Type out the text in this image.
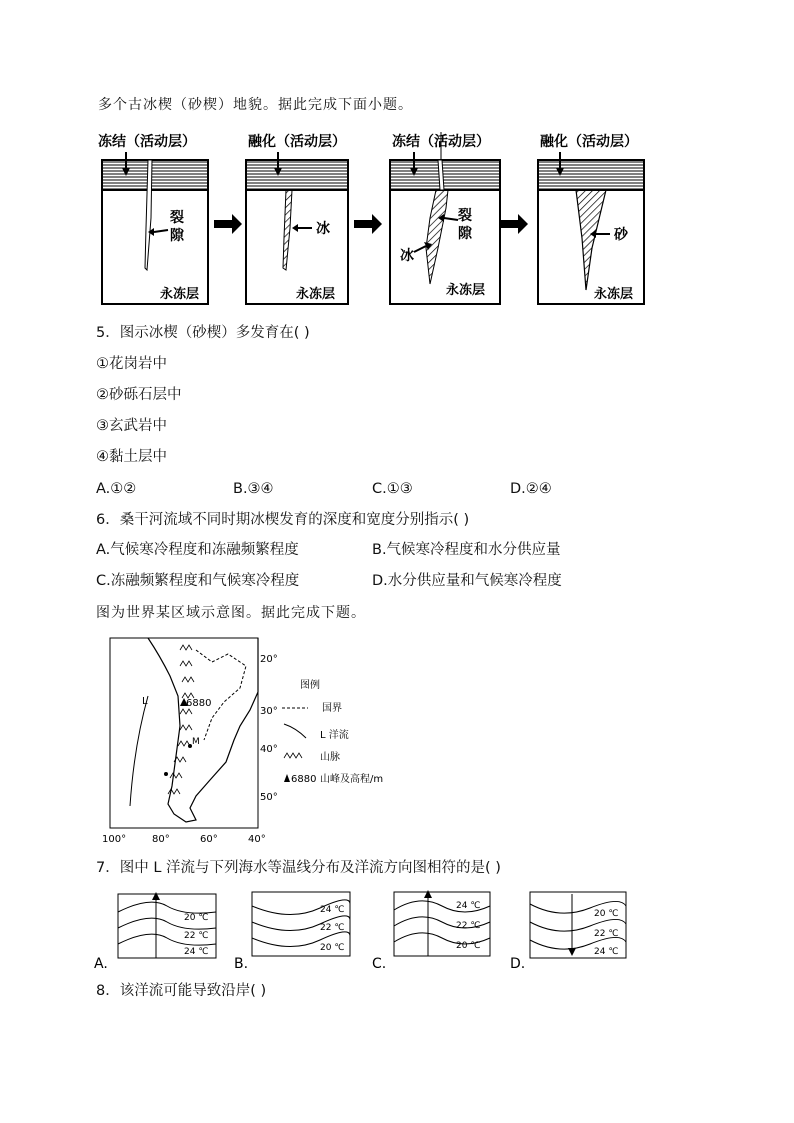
多个古冰楔（砂楔）地貌。据此完成下面小题。
冻结（活动层）
裂
隙
永冻层
融化（活动层）
冰
永冻层
冻结（活动层）
裂
隙
冰
永冻层
融化（活动层）
砂
永冻层
5．图示冰楔（砂楔）多发育在( )
①花岗岩中
②砂砾石层中
③玄武岩中
④黏土层中
A.①②	B.③④	C.①③	D.②④
6．桑干河流域不同时期冰楔发育的深度和宽度分别指示( )
A.气候寒冷程度和冻融频繁程度	B.气候寒冷程度和水分供应量
C.冻融频繁程度和气候寒冷程度	D.水分供应量和气候寒冷程度
图为世界某区域示意图。据此完成下题。
L	6880
M
20°
30°
40°
50°
100°	80°	60°	40°
图例
国界
L 洋流
山脉
6880 山峰及高程/m
7．图中 L 洋流与下列海水等温线分布及洋流方向图相符的是( )
A.
20 ℃
22 ℃
24 ℃
B.
24 ℃
22 ℃
20 ℃
C.
24 ℃
22 ℃
20 ℃
D.
20 ℃
22 ℃
24 ℃
8．该洋流可能导致沿岸( )
